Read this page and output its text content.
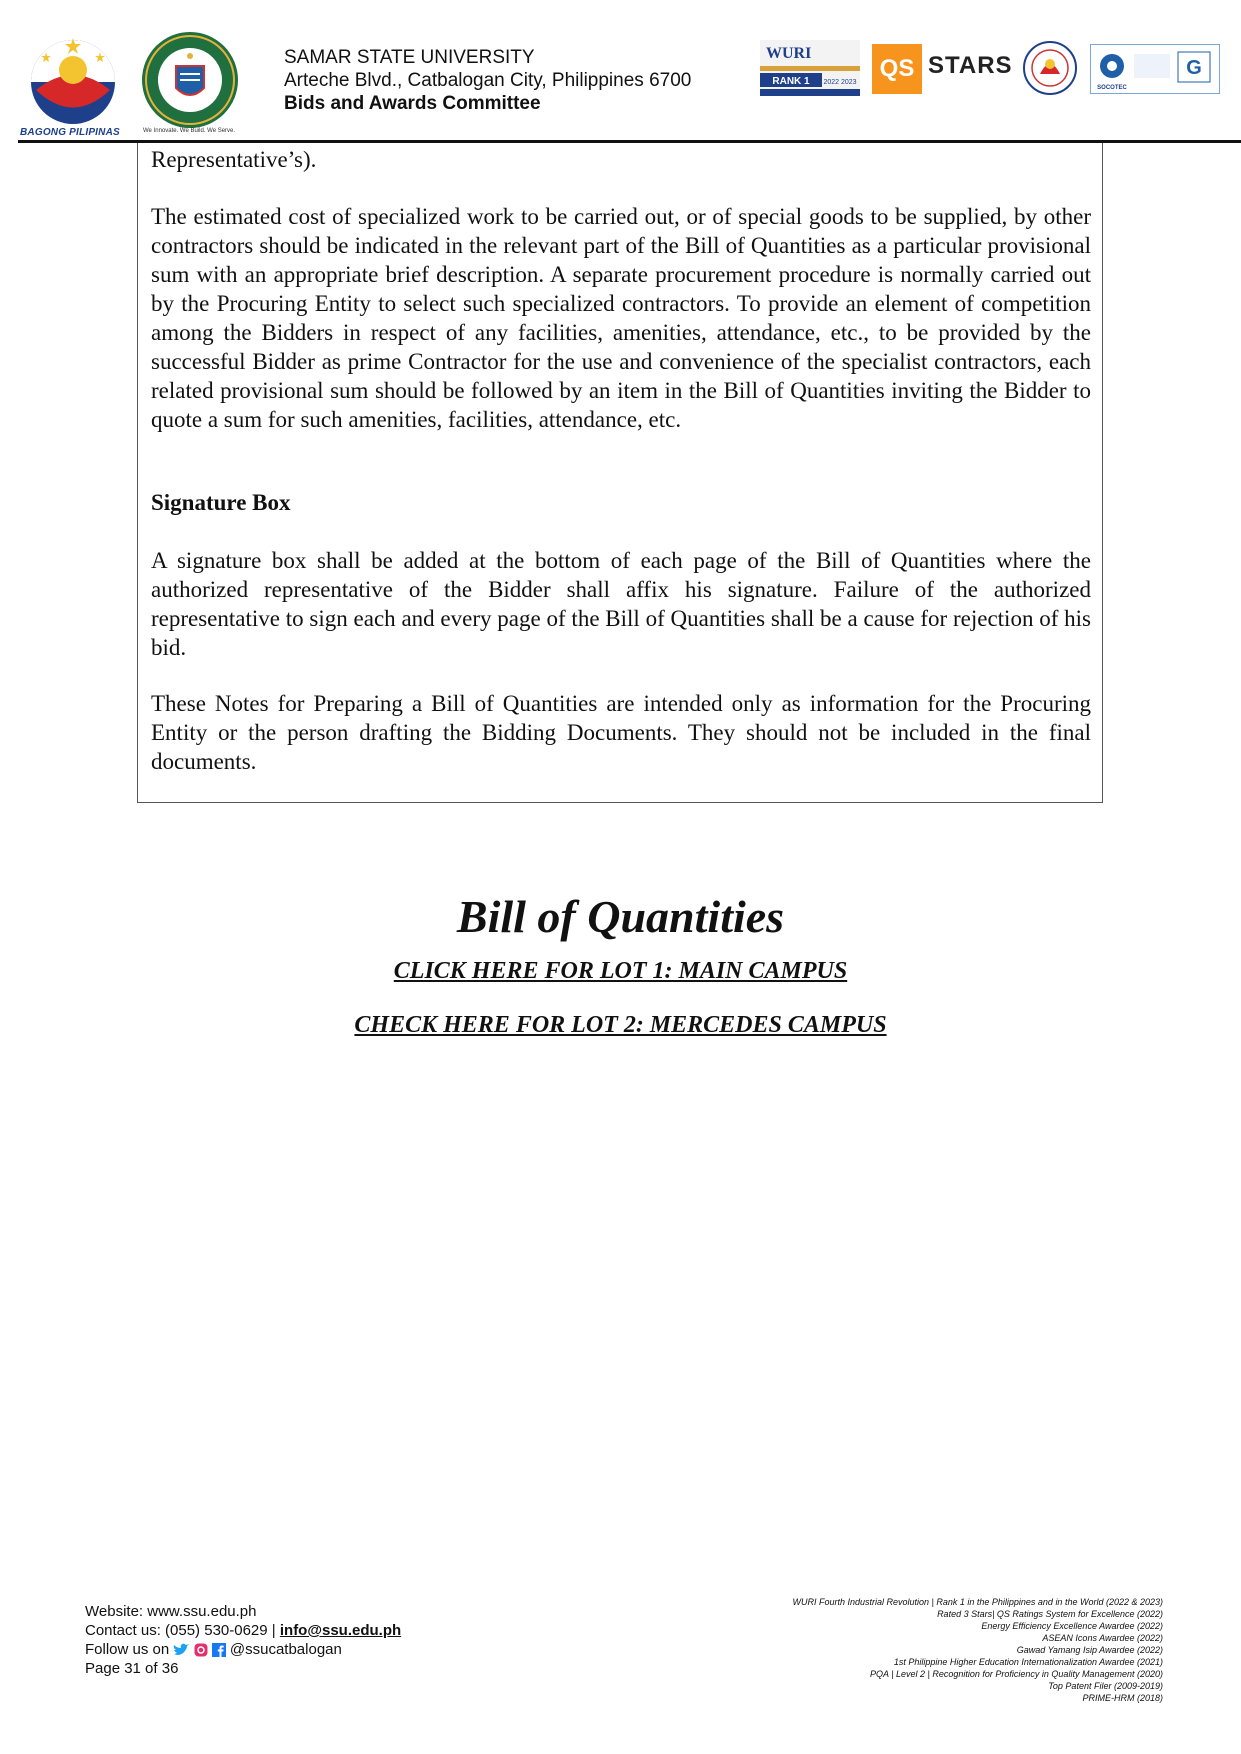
BAGONG PILIPINAS	We Innovate. We Build. We Serve.
SAMAR STATE UNIVERSITY
Arteche Blvd., Catbalogan City, Philippines 6700
Bids and Awards Committee
WURI
RANK 1 2022 2023
QS STARS
SOCOTEC
G

Representative’s).

The estimated cost of specialized work to be carried out, or of special goods to be supplied, by other contractors should be indicated in the relevant part of the Bill of Quantities as a particular provisional sum with an appropriate brief description. A separate procurement procedure is normally carried out by the Procuring Entity to select such specialized contractors. To provide an element of competition among the Bidders in respect of any facilities, amenities, attendance, etc., to be provided by the successful Bidder as prime Contractor for the use and convenience of the specialist contractors, each related provisional sum should be followed by an item in the Bill of Quantities inviting the Bidder to quote a sum for such amenities, facilities, attendance, etc.

Signature Box

A signature box shall be added at the bottom of each page of the Bill of Quantities where the authorized representative of the Bidder shall affix his signature. Failure of the authorized representative to sign each and every page of the Bill of Quantities shall be a cause for rejection of his bid.

These Notes for Preparing a Bill of Quantities are intended only as information for the Procuring Entity or the person drafting the Bidding Documents. They should not be included in the final documents.

Bill of Quantities
CLICK HERE FOR LOT 1: MAIN CAMPUS
CHECK HERE FOR LOT 2: MERCEDES CAMPUS
Website: www.ssu.edu.ph
Contact us: (055) 530-0629 | info@ssu.edu.ph
Follow us on	@ssucatbalogan
Page 31 of 36
WURI Fourth Industrial Revolution | Rank 1 in the Philippines and in the World (2022 & 2023)
Rated 3 Stars| QS Ratings System for Excellence (2022)
Energy Efficiency Excellence Awardee (2022)
ASEAN Icons Awardee (2022)
Gawad Yamang Isip Awardee (2022)
1st Philippine Higher Education Internationalization Awardee (2021)
PQA | Level 2 | Recognition for Proficiency in Quality Management (2020)
Top Patent Filer (2009-2019)
PRIME-HRM (2018)
